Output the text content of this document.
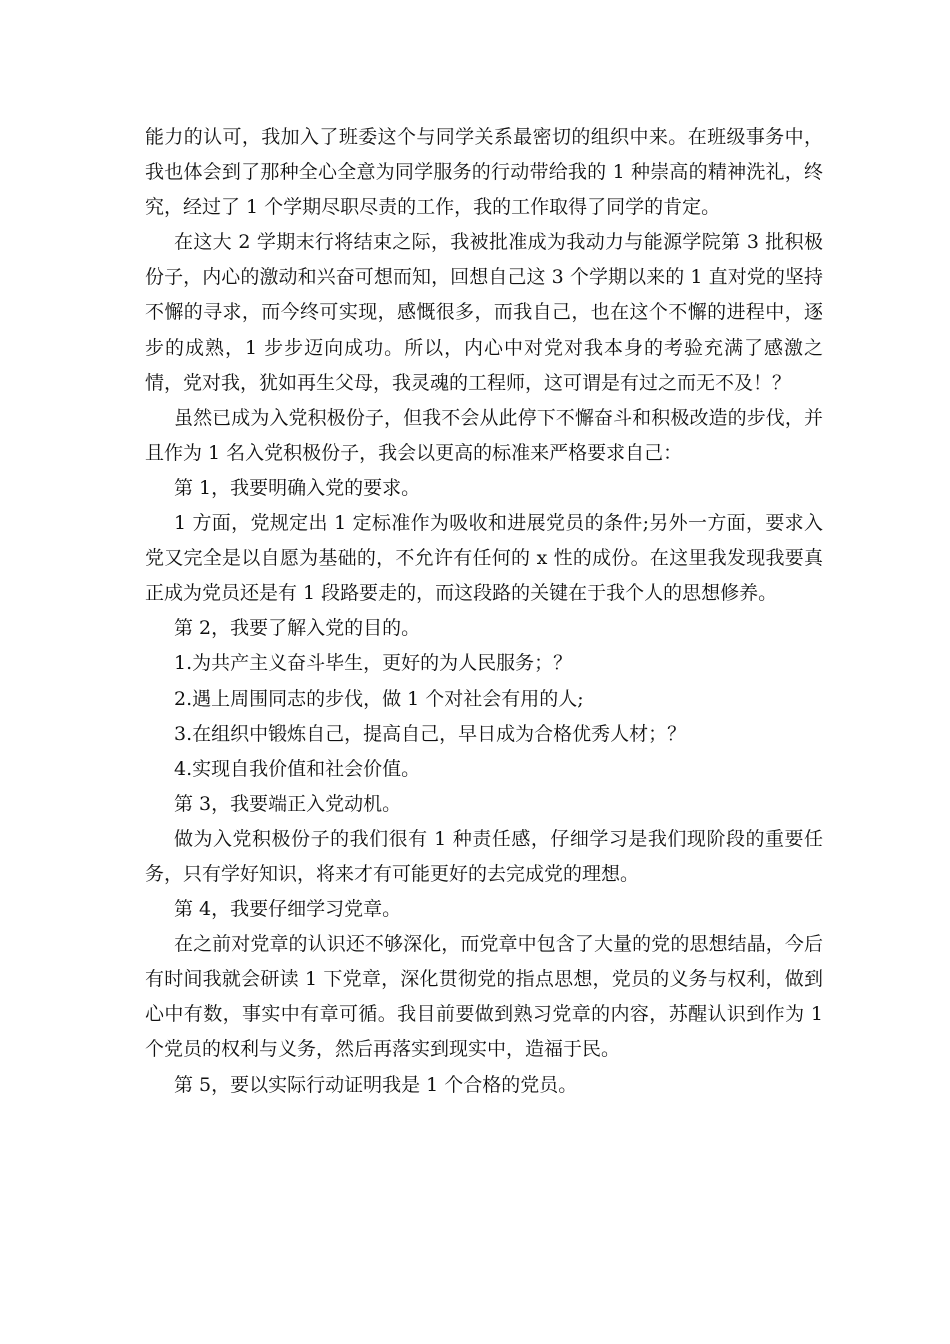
能力的认可，我加入了班委这个与同学关系最密切的组织中来。在班级事务中，我也体会到了那种全心全意为同学服务的行动带给我的 1 种崇高的精神洗礼，终究，经过了 1 个学期尽职尽责的工作，我的工作取得了同学的肯定。

在这大 2 学期末行将结束之际，我被批准成为我动力与能源学院第 3 批积极份子，内心的激动和兴奋可想而知，回想自己这 3 个学期以来的 1 直对党的坚持不懈的寻求，而今终可实现，感慨很多，而我自己，也在这个不懈的进程中，逐步的成熟，1 步步迈向成功。所以，内心中对党对我本身的考验充满了感激之情，党对我，犹如再生父母，我灵魂的工程师，这可谓是有过之而无不及！？

虽然已成为入党积极份子，但我不会从此停下不懈奋斗和积极改造的步伐，并且作为 1 名入党积极份子，我会以更高的标准来严格要求自己：

第 1，我要明确入党的要求。

1 方面，党规定出 1 定标准作为吸收和进展党员的条件;另外一方面，要求入党又完全是以自愿为基础的，不允许有任何的 x 性的成份。在这里我发现我要真正成为党员还是有 1 段路要走的，而这段路的关键在于我个人的思想修养。

第 2，我要了解入党的目的。

1.为共产主义奋斗毕生，更好的为人民服务；？

2.遇上周围同志的步伐，做 1 个对社会有用的人;

3.在组织中锻炼自己，提高自己，早日成为合格优秀人材；？

4.实现自我价值和社会价值。

第 3，我要端正入党动机。

做为入党积极份子的我们很有 1 种责任感，仔细学习是我们现阶段的重要任务，只有学好知识，将来才有可能更好的去完成党的理想。

第 4，我要仔细学习党章。

在之前对党章的认识还不够深化，而党章中包含了大量的党的思想结晶，今后有时间我就会研读 1 下党章，深化贯彻党的指点思想，党员的义务与权利，做到心中有数，事实中有章可循。我目前要做到熟习党章的内容，苏醒认识到作为 1 个党员的权利与义务，然后再落实到现实中，造福于民。

第 5，要以实际行动证明我是 1 个合格的党员。
